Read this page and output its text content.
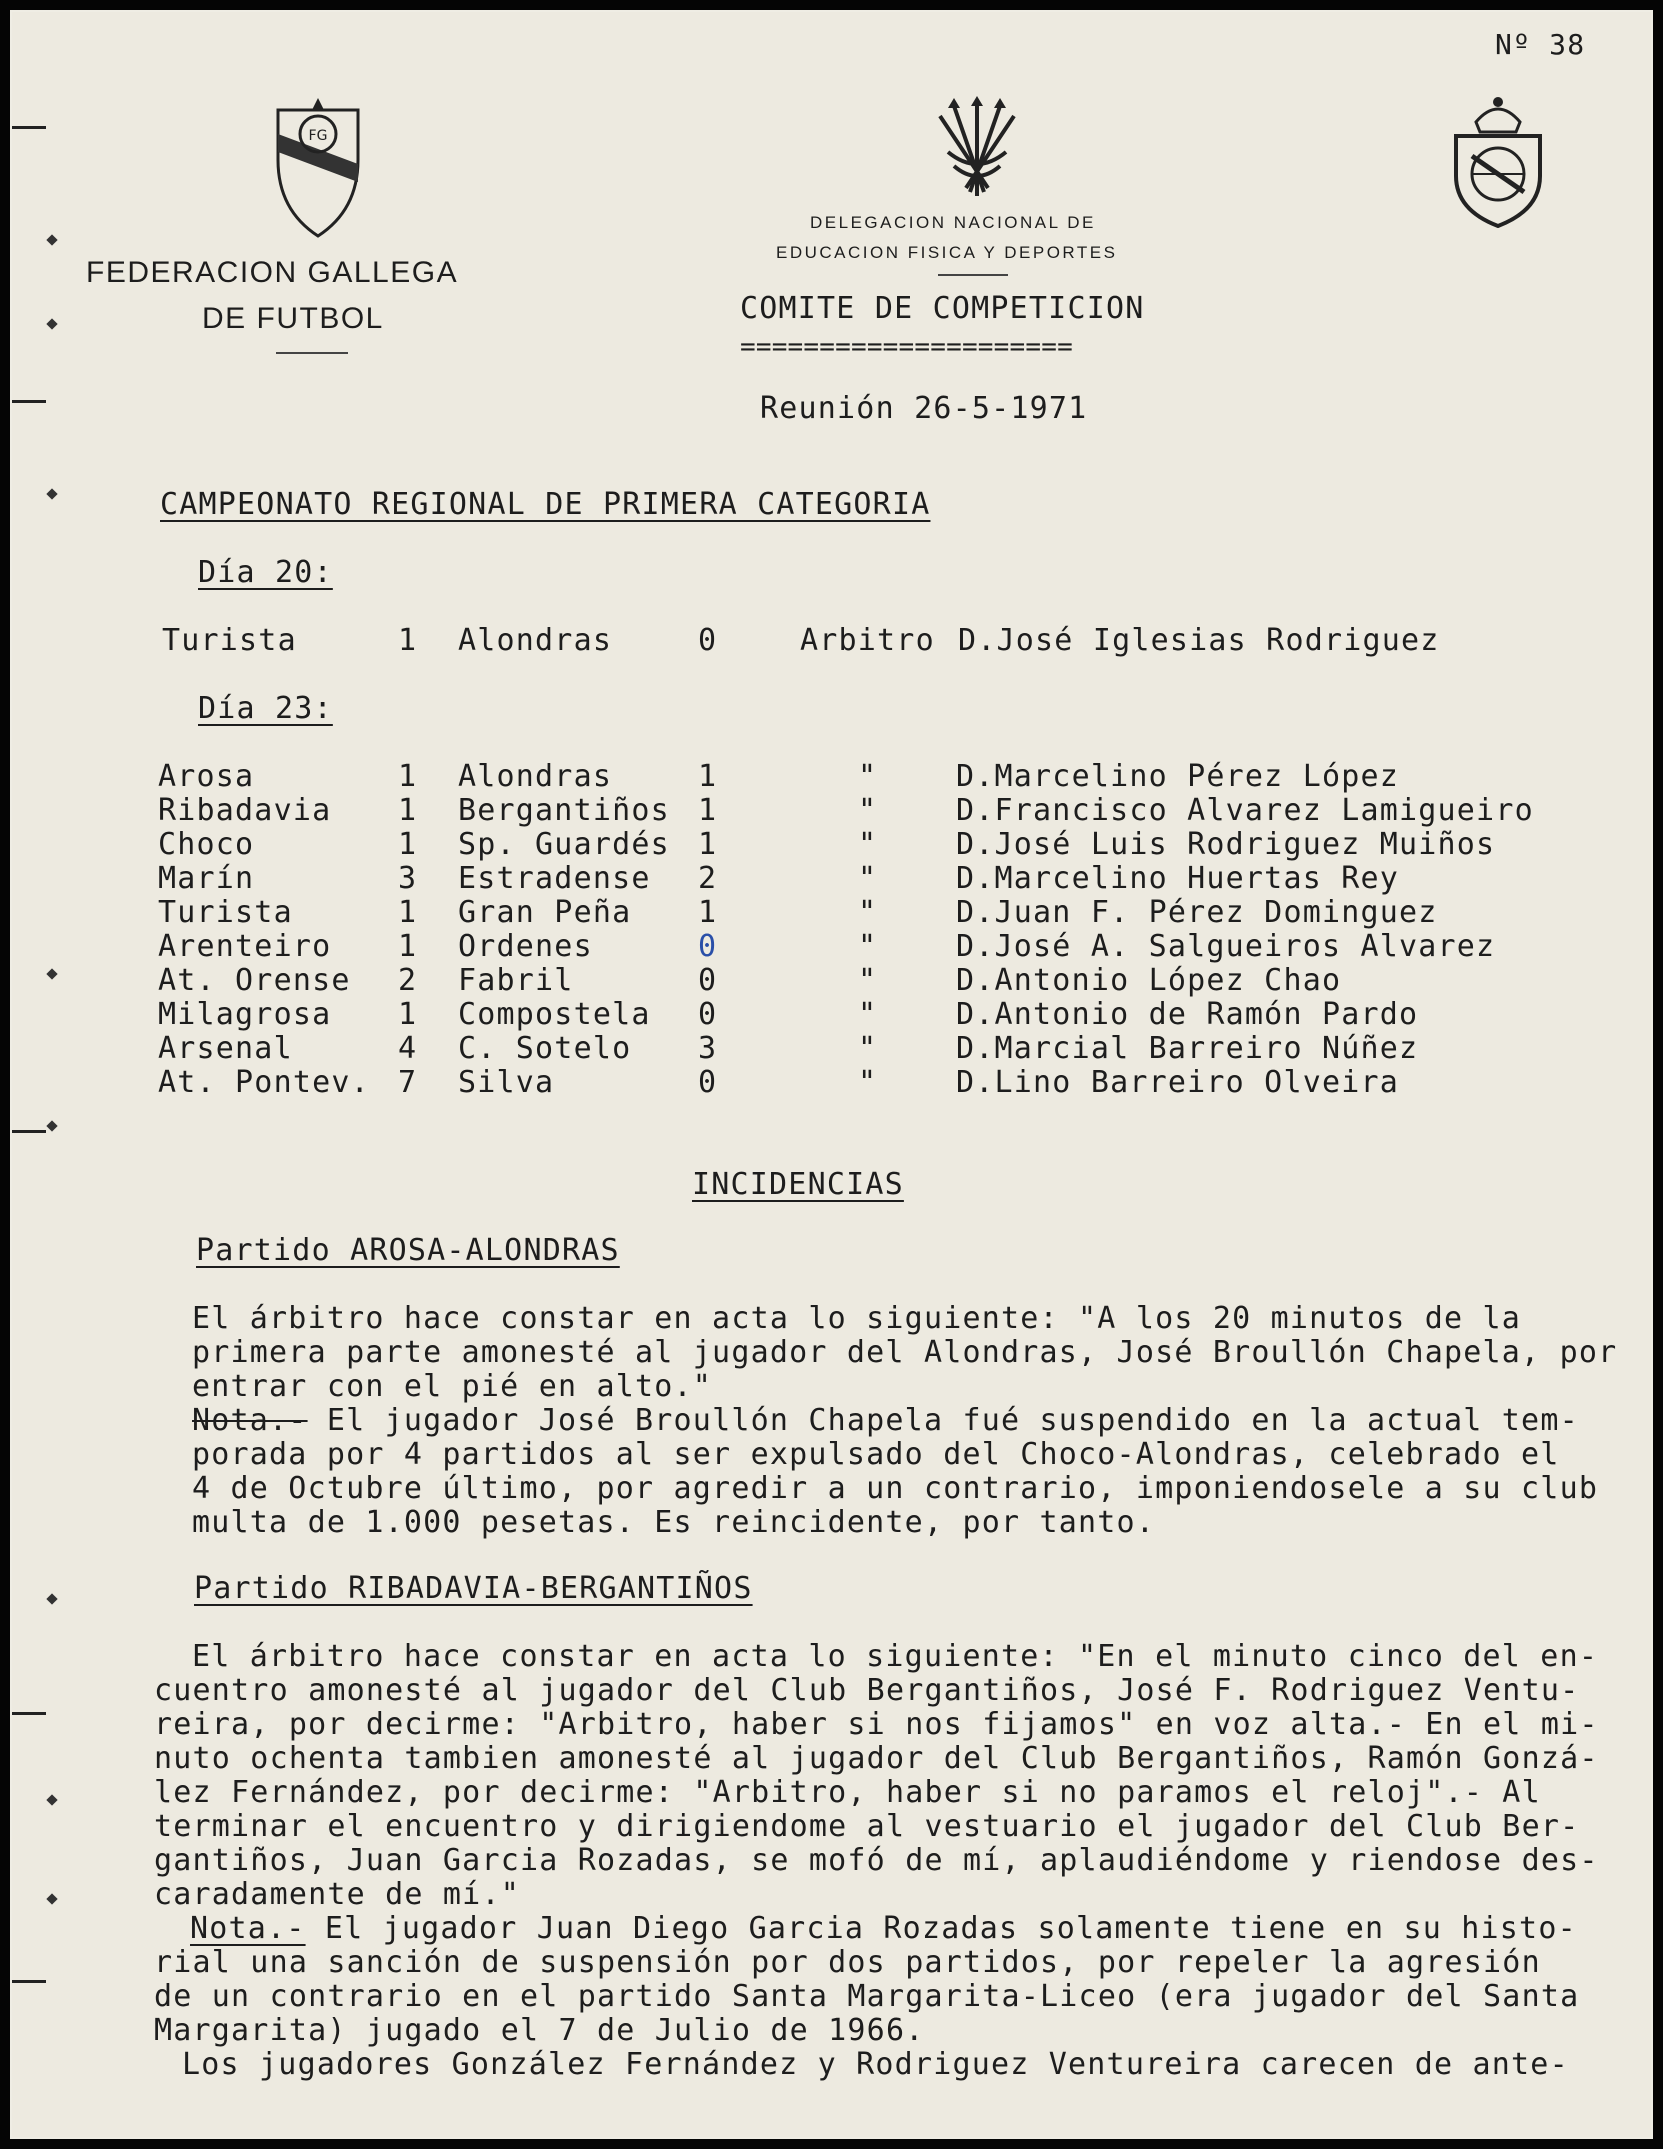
Nº 38
FG
FEDERACION GALLEGA
DE FUTBOL
DELEGACION NACIONAL DE
EDUCACION FISICA Y DEPORTES
COMITE DE COMPETICION
=====================
Reunión 26-5-1971
CAMPEONATO REGIONAL DE PRIMERA CATEGORIA
Día 20:
Turista	1 Alondras	0	Arbitro D.José Iglesias Rodriguez
Día 23:
Arosa	1 Alondras	1	"	D.Marcelino Pérez López
Ribadavia 1 Bergantiños 1	"	D.Francisco Alvarez Lamigueiro
Choco	1 Sp. Guardés 1	"	D.José Luis Rodriguez Muiños
Marín	3 Estradense 2	"	D.Marcelino Huertas Rey
Turista	1 Gran Peña 1	"	D.Juan F. Pérez Dominguez
Arenteiro 1 Ordenes	0	"	D.José A. Salgueiros Alvarez
At. Orense 2 Fabril	0	"	D.Antonio López Chao
Milagrosa 1 Compostela 0	"	D.Antonio de Ramón Pardo
Arsenal	4 C. Sotelo 3	"	D.Marcial Barreiro Núñez
At. Pontev. 7 Silva	0	"	D.Lino Barreiro Olveira
INCIDENCIAS
Partido AROSA-ALONDRAS
El árbitro hace constar en acta lo siguiente: "A los 20 minutos de la
primera parte amonesté al jugador del Alondras, José Broullón Chapela, por
entrar con el pié en alto."
Nota.- El jugador José Broullón Chapela fué suspendido en la actual tem-
porada por 4 partidos al ser expulsado del Choco-Alondras, celebrado el
4 de Octubre último, por agredir a un contrario, imponiendosele a su club
multa de 1.000 pesetas. Es reincidente, por tanto.
Partido RIBADAVIA-BERGANTIÑOS
El árbitro hace constar en acta lo siguiente: "En el minuto cinco del en-
cuentro amonesté al jugador del Club Bergantiños, José F. Rodriguez Ventu-
reira, por decirme: "Arbitro, haber si nos fijamos" en voz alta.- En el mi-
nuto ochenta tambien amonesté al jugador del Club Bergantiños, Ramón Gonzá-
lez Fernández, por decirme: "Arbitro, haber si no paramos el reloj".- Al
terminar el encuentro y dirigiendome al vestuario el jugador del Club Ber-
gantiños, Juan Garcia Rozadas, se mofó de mí, aplaudiéndome y riendose des-
caradamente de mí."
Nota.- El jugador Juan Diego Garcia Rozadas solamente tiene en su histo-
rial una sanción de suspensión por dos partidos, por repeler la agresión
de un contrario en el partido Santa Margarita-Liceo (era jugador del Santa
Margarita) jugado el 7 de Julio de 1966.
Los jugadores González Fernández y Rodriguez Ventureira carecen de ante-
